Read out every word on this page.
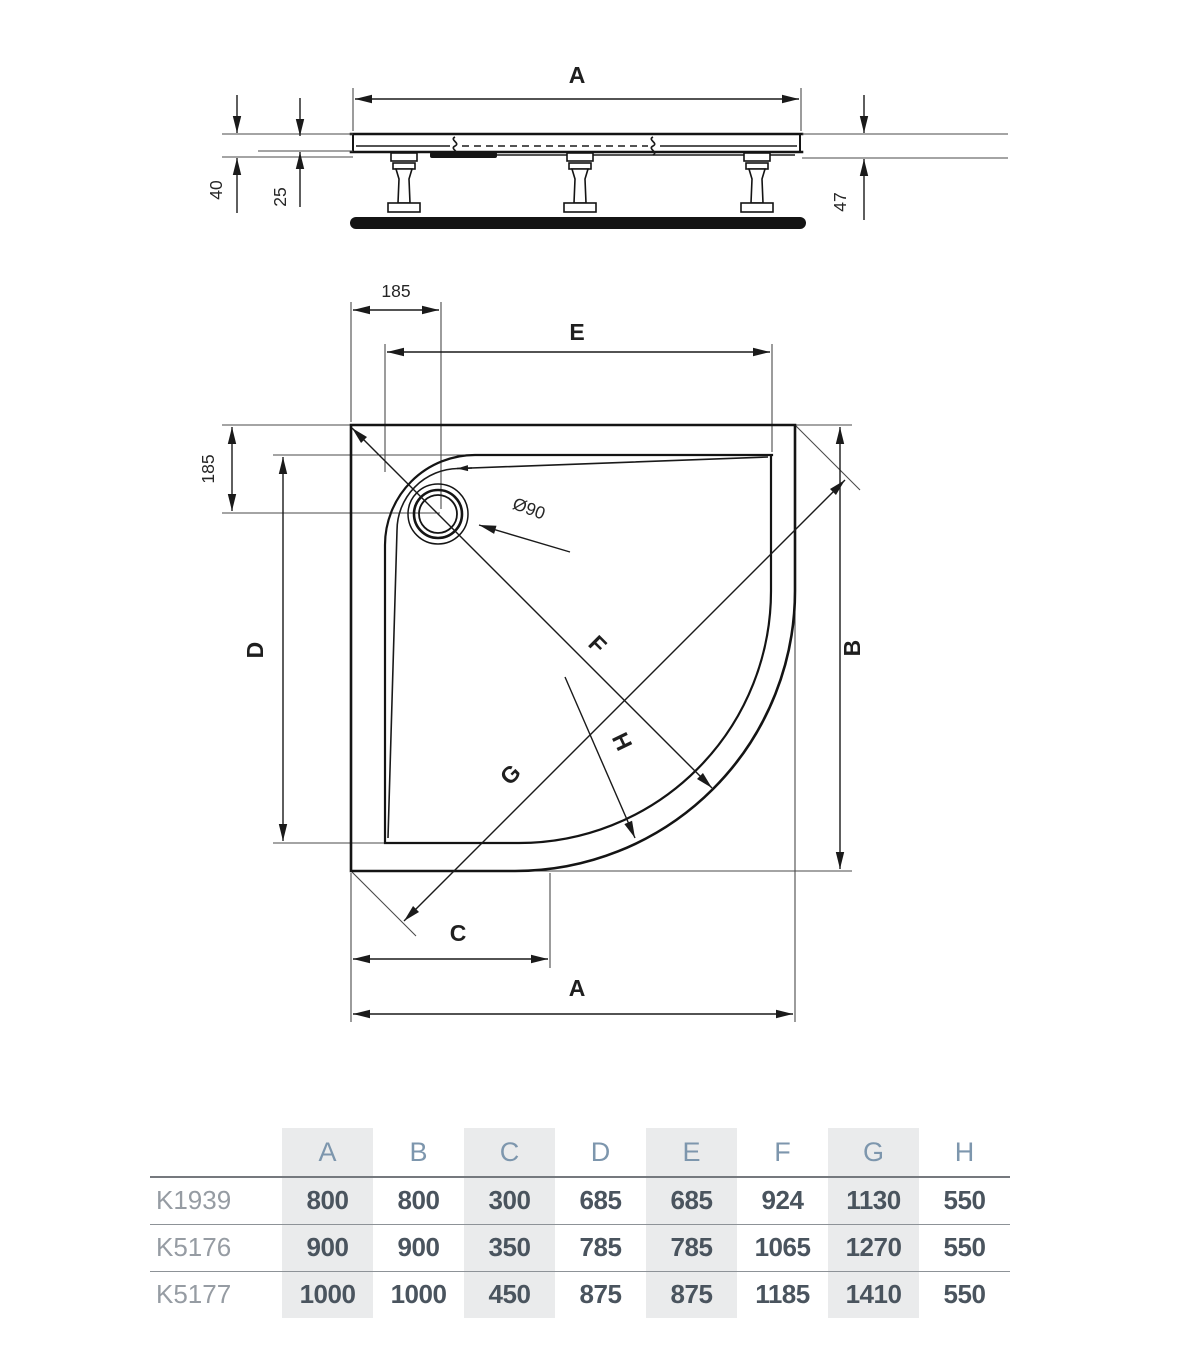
A
40	25	47
Ø90
185
E
185
D	B
F
G
H
C
A
	A	B	C	D	E	F	G	H
K1939	800	800	300	685	685	924	1130	550
K5176	900	900	350	785	785	1065	1270	550
K5177	1000	1000	450	875	875	1185	1410	550
